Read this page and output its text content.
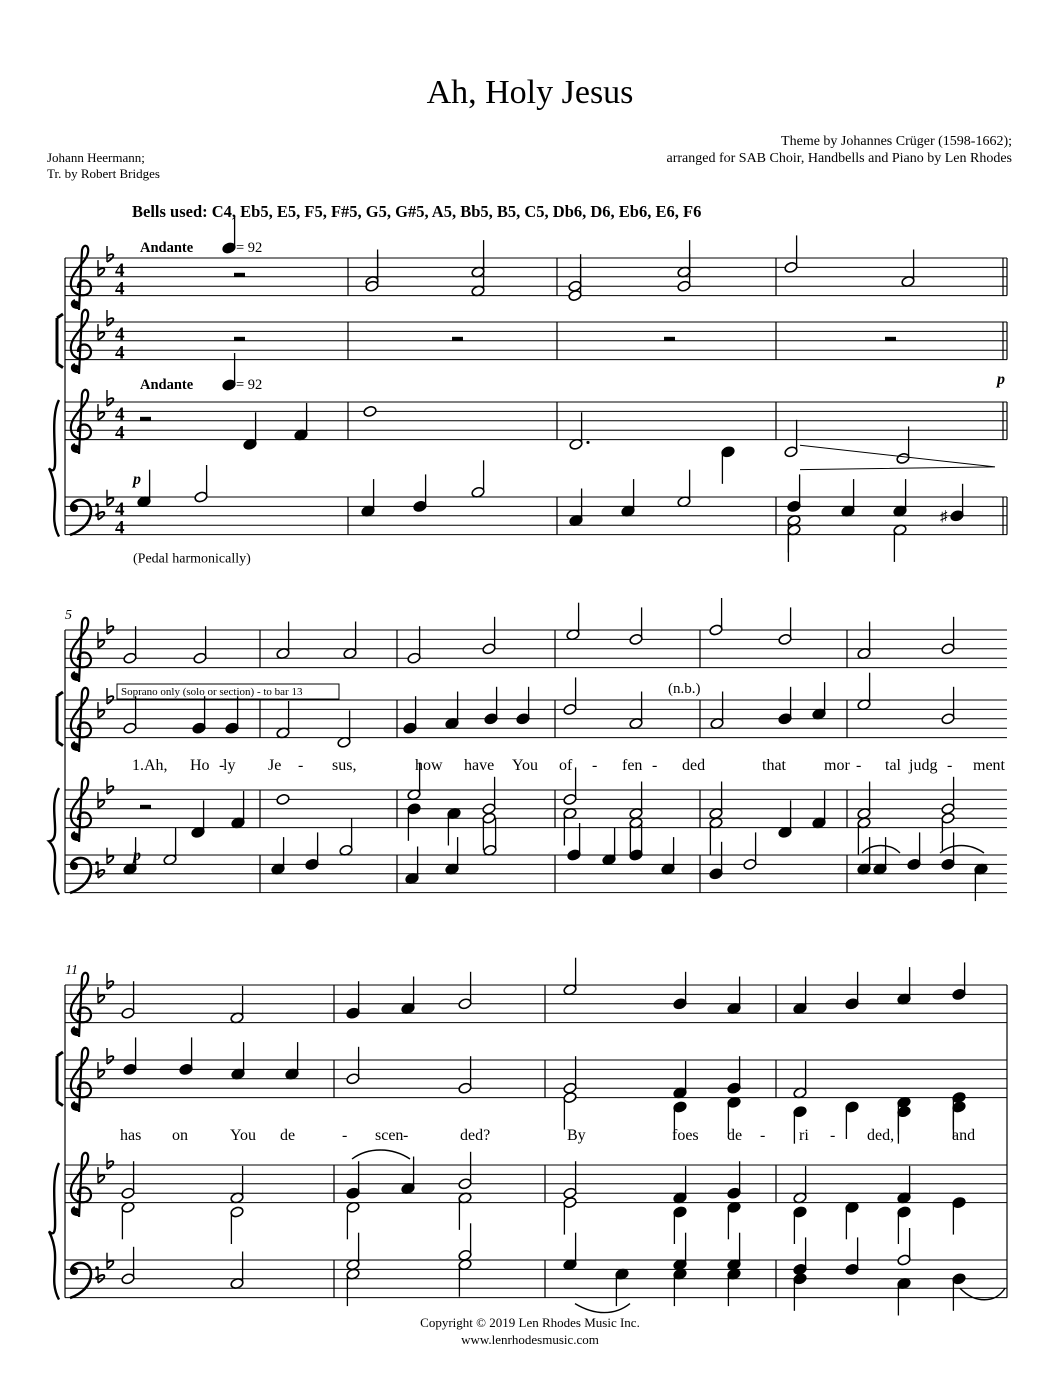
Ah, Holy Jesus
Johann Heermann;
Tr. by Robert Bridges
Theme by Johannes Crüger (1598-1662);
arranged for SAB Choir, Handbells and Piano by Len Rhodes
Bells used: C4, Eb5, E5, F5, F#5, G5, G#5, A5, Bb5, B5, C5, Db6, D6, Eb6, E6, F6
4
4
4
4
4
4
4
4
Andante	= 92
Andante	= 92	p
p
♯
(Pedal harmonically)
5
Soprano only (solo or section) - to bar 13	(n.b.)
1.Ah, Ho -
ly Je - sus,	how have You of - fen - ded	that mor - tal judg - ment
p
11
has on	You de	- scen -	ded?	By	foes de - ri - ded,	and
Copyright © 2019 Len Rhodes Music Inc.
www.lenrhodesmusic.com
